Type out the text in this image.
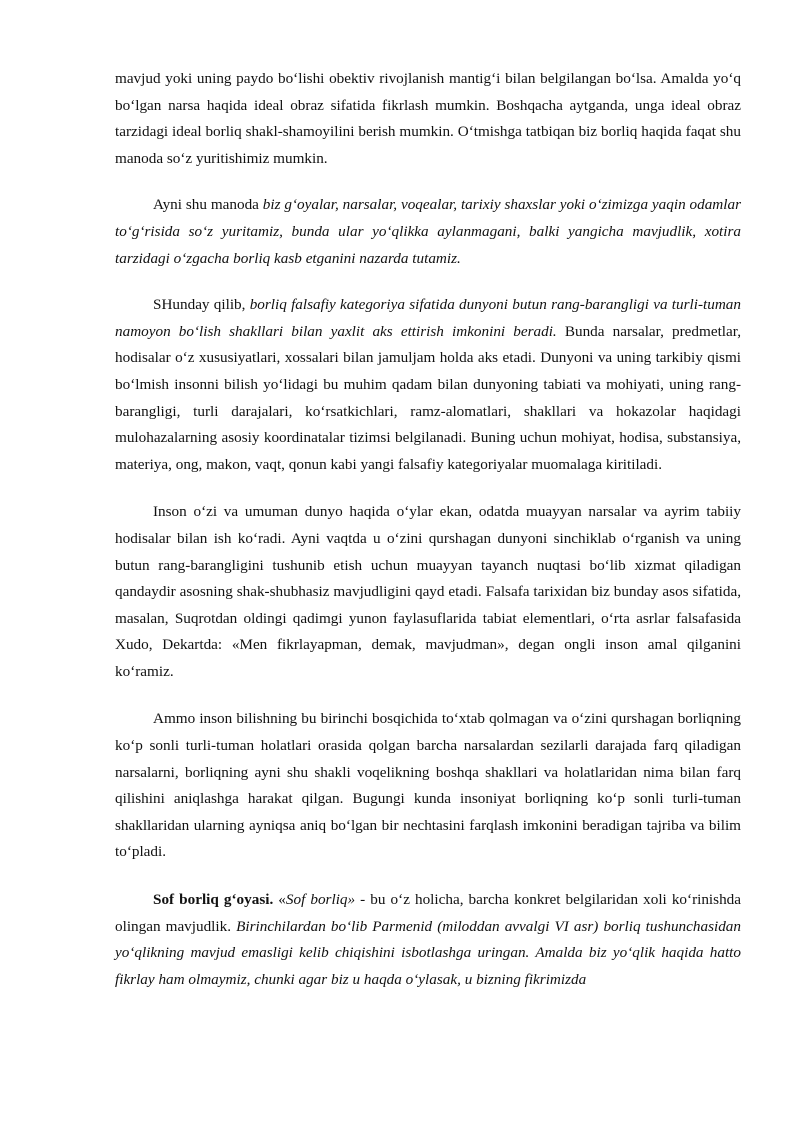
mavjud yoki uning paydo bo‘lishi obektiv rivojlanish mantig‘i bilan belgilangan bo‘lsa. Amalda yo‘q bo‘lgan narsa haqida ideal obraz sifatida fikrlash mumkin. Boshqacha aytganda, unga ideal obraz tarzidagi ideal borliq shakl-shamoyilini berish mumkin. O‘tmishga tatbiqan biz borliq haqida faqat shu manoda so‘z yuritishimiz mumkin.

Ayni shu manoda biz g‘oyalar, narsalar, voqealar, tarixiy shaxslar yoki o‘zimizga yaqin odamlar to‘g‘risida so‘z yuritamiz, bunda ular yo‘qlikka aylanmagani, balki yangicha mavjudlik, xotira tarzidagi o‘zgacha borliq kasb etganini nazarda tutamiz.

SHunday qilib, borliq falsafiy kategoriya sifatida dunyoni butun rang-barangligi va turli-tuman namoyon bo‘lish shakllari bilan yaxlit aks ettirish imkonini beradi. Bunda narsalar, predmetlar, hodisalar o‘z xususiyatlari, xossalari bilan jamuljam holda aks etadi. Dunyoni va uning tarkibiy qismi bo‘lmish insonni bilish yo‘lidagi bu muhim qadam bilan dunyoning tabiati va mohiyati, uning rang-barangligi, turli darajalari, ko‘rsatkichlari, ramz-alomatlari, shakllari va hokazolar haqidagi mulohazalarning asosiy koordinatalar tizimsi belgilanadi. Buning uchun mohiyat, hodisa, substansiya, materiya, ong, makon, vaqt, qonun kabi yangi falsafiy kategoriyalar muomalaga kiritiladi.

Inson o‘zi va umuman dunyo haqida o‘ylar ekan, odatda muayyan narsalar va ayrim tabiiy hodisalar bilan ish ko‘radi. Ayni vaqtda u o‘zini qurshagan dunyoni sinchiklab o‘rganish va uning butun rang-barangligini tushunib etish uchun muayyan tayanch nuqtasi bo‘lib xizmat qiladigan qandaydir asosning shak-shubhasiz mavjudligini qayd etadi. Falsafa tarixidan biz bunday asos sifatida, masalan, Suqrotdan oldingi qadimgi yunon faylasuflarida tabiat elementlari, o‘rta asrlar falsafasida Xudo, Dekartda: «Men fikrlayapman, demak, mavjudman», degan ongli inson amal qilganini ko‘ramiz.

Ammo inson bilishning bu birinchi bosqichida to‘xtab qolmagan va o‘zini qurshagan borliqning ko‘p sonli turli-tuman holatlari orasida qolgan barcha narsalardan sezilarli darajada farq qiladigan narsalarni, borliqning ayni shu shakli voqelikning boshqa shakllari va holatlaridan nima bilan farq qilishini aniqlashga harakat qilgan. Bugungi kunda insoniyat borliqning ko‘p sonli turli-tuman shakllaridan ularning ayniqsa aniq bo‘lgan bir nechtasini farqlash imkonini beradigan tajriba va bilim to‘pladi.

Sof borliq g‘oyasi. «Sof borliq» - bu o‘z holicha, barcha konkret belgilaridan xoli ko‘rinishda olingan mavjudlik. Birinchilardan bo‘lib Parmenid (miloddan avvalgi VI asr) borliq tushunchasidan yo‘qlikning mavjud emasligi kelib chiqishini isbotlashga uringan. Amalda biz yo‘qlik haqida hatto fikrlay ham olmaymiz, chunki agar biz u haqda o‘ylasak, u bizning fikrimizda
